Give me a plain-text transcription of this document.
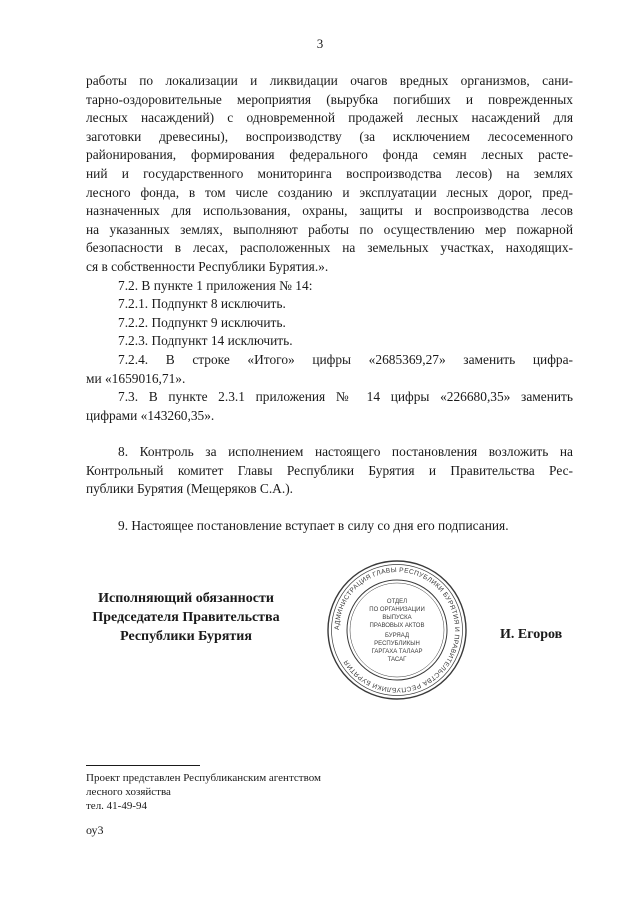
3

работы по локализации и ликвидации очагов вредных организмов, сани-
тарно-оздоровительные мероприятия (вырубка погибших и поврежденных
лесных насаждений) с одновременной продажей лесных насаждений для
заготовки древесины), воспроизводству (за исключением лесосеменного
районирования, формирования федерального фонда семян лесных расте-
ний и государственного мониторинга воспроизводства лесов) на землях
лесного фонда, в том числе созданию и эксплуатации лесных дорог, пред-
назначенных для использования, охраны, защиты и воспроизводства лесов
на указанных землях, выполняют работы по осуществлению мер пожарной
безопасности в лесах, расположенных на земельных участках, находящих-
ся в собственности Республики Бурятия.».

7.2. В пункте 1 приложения № 14:

7.2.1. Подпункт 8 исключить.

7.2.2. Подпункт 9 исключить.

7.2.3. Подпункт 14 исключить.

7.2.4. В строке «Итого» цифры «2685369,27» заменить цифра-
ми «1659016,71».

7.3. В пункте 2.3.1 приложения № 14 цифры «226680,35» заменить
цифрами «143260,35».

8. Контроль за исполнением настоящего постановления возложить на
Контрольный комитет Главы Республики Бурятия и Правительства Рес-
публики Бурятия (Мещеряков С.А.).

9. Настоящее постановление вступает в силу со дня его подписания.

Исполняющий обязанности
Председателя Правительства
Республики Бурятия
АДМИНИСТРАЦИЯ ГЛАВЫ РЕСПУБЛИКИ БУРЯТИЯ И ПРАВИТЕЛЬСТВА РЕСПУБЛИКИ БУРЯТИЯ
ОТДЕЛ
ПО ОРГАНИЗАЦИИ
ВЫПУСКА
ПРАВОВЫХ АКТОВ
БУРЯАД
РЕСПУБЛИКЫН
ГАРГАХА ТАЛААР
ТАСАГ
И. Егоров
Проект представлен Республиканским агентством
лесного хозяйства
тел. 41-49-94
оу3
